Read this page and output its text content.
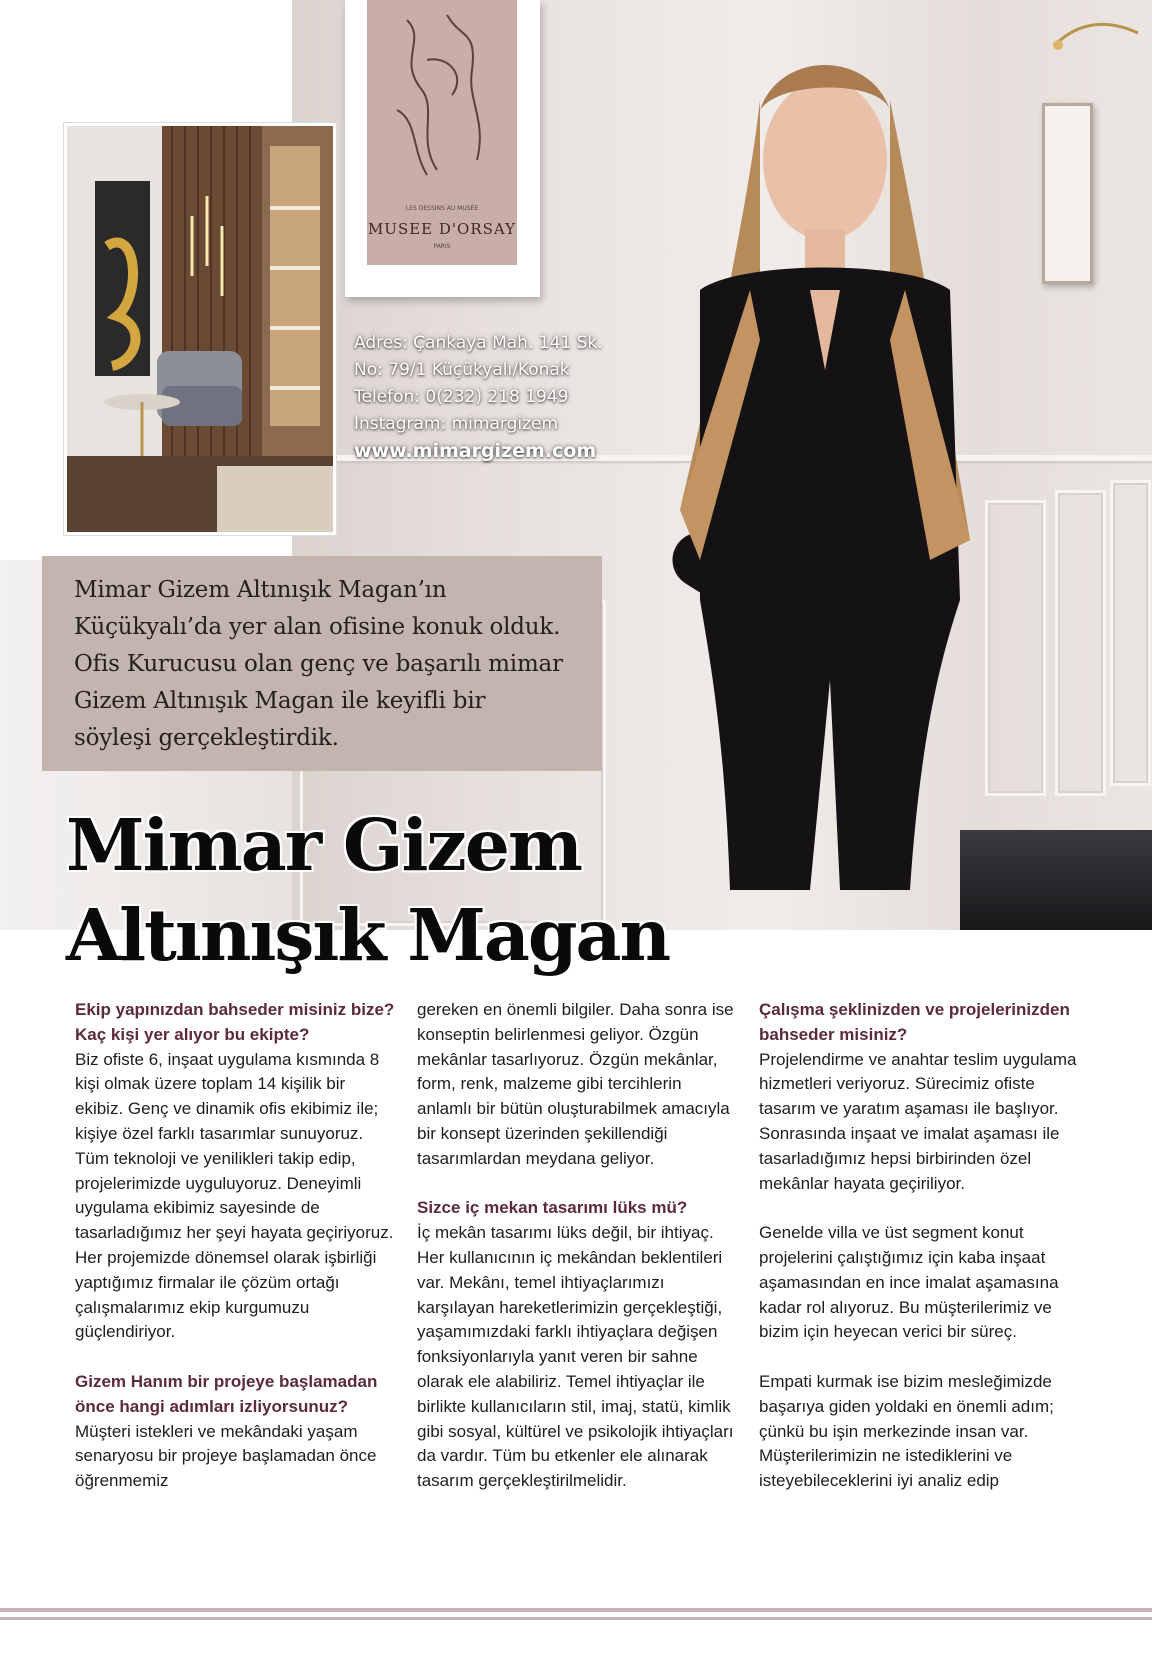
LES DESSINS AU MUSÉE
MUSEE D'ORSAY
PARIS
Adres: Çankaya Mah. 141 Sk.
No: 79/1 Küçükyalı/Konak
Telefon: 0(232) 218 1949
Instagram: mimargizem
www.mimargizem.com
Mimar Gizem Altınışık Magan’ın
Küçükyalı’da yer alan ofisine konuk olduk.
Ofis Kurucusu olan genç ve başarılı mimar
Gizem Altınışık Magan ile keyifli bir
söyleşi gerçekleştirdik.
Mimar Gizem
Altınışık Magan
Ekip yapınızdan bahseder misiniz bize? Kaç kişi yer alıyor bu ekipte?

Biz ofiste 6, inşaat uygulama kısmında 8 kişi olmak üzere toplam 14 kişilik bir ekibiz. Genç ve dinamik ofis ekibimiz ile; kişiye özel farklı tasarımlar sunuyoruz. Tüm teknoloji ve yenilikleri takip edip, projelerimizde uyguluyoruz. Deneyimli uygulama ekibimiz sayesinde de tasarladığımız her şeyi hayata geçiriyoruz. Her projemizde dönemsel olarak işbirliği yaptığımız firmalar ile çözüm ortağı çalışmalarımız ekip kurgumuzu güçlendiriyor.

Gizem Hanım bir projeye başlamadan önce hangi adımları izliyorsunuz?

Müşteri istekleri ve mekândaki yaşam senaryosu bir projeye başlamadan önce öğrenmemiz

gereken en önemli bilgiler. Daha sonra ise konseptin belirlenmesi geliyor. Özgün mekânlar tasarlıyoruz. Özgün mekânlar, form, renk, malzeme gibi tercihlerin anlamlı bir bütün oluşturabilmek amacıyla bir konsept üzerinden şekillendiği tasarımlardan meydana geliyor.

Sizce iç mekan tasarımı lüks mü?

İç mekân tasarımı lüks değil, bir ihtiyaç. Her kullanıcının iç mekândan beklentileri var. Mekânı, temel ihtiyaçlarımızı karşılayan hareketlerimizin gerçekleştiği, yaşamımızdaki farklı ihtiyaçlara değişen fonksiyonlarıyla yanıt veren bir sahne olarak ele alabiliriz. Temel ihtiyaçlar ile birlikte kullanıcıların stil, imaj, statü, kimlik gibi sosyal, kültürel ve psikolojik ihtiyaçları da vardır. Tüm bu etkenler ele alınarak tasarım gerçekleştirilmelidir.

Çalışma şeklinizden ve projelerinizden bahseder misiniz?

Projelendirme ve anahtar teslim uygulama hizmetleri veriyoruz. Sürecimiz ofiste tasarım ve yaratım aşaması ile başlıyor. Sonrasında inşaat ve imalat aşaması ile tasarladığımız hepsi birbirinden özel mekânlar hayata geçiriliyor.

Genelde villa ve üst segment konut projelerini çalıştığımız için kaba inşaat aşamasından en ince imalat aşamasına kadar rol alıyoruz. Bu müşterilerimiz ve bizim için heyecan verici bir süreç.

Empati kurmak ise bizim mesleğimizde başarıya giden yoldaki en önemli adım; çünkü bu işin merkezinde insan var. Müşterilerimizin ne istediklerini ve isteyebileceklerini iyi analiz edip
